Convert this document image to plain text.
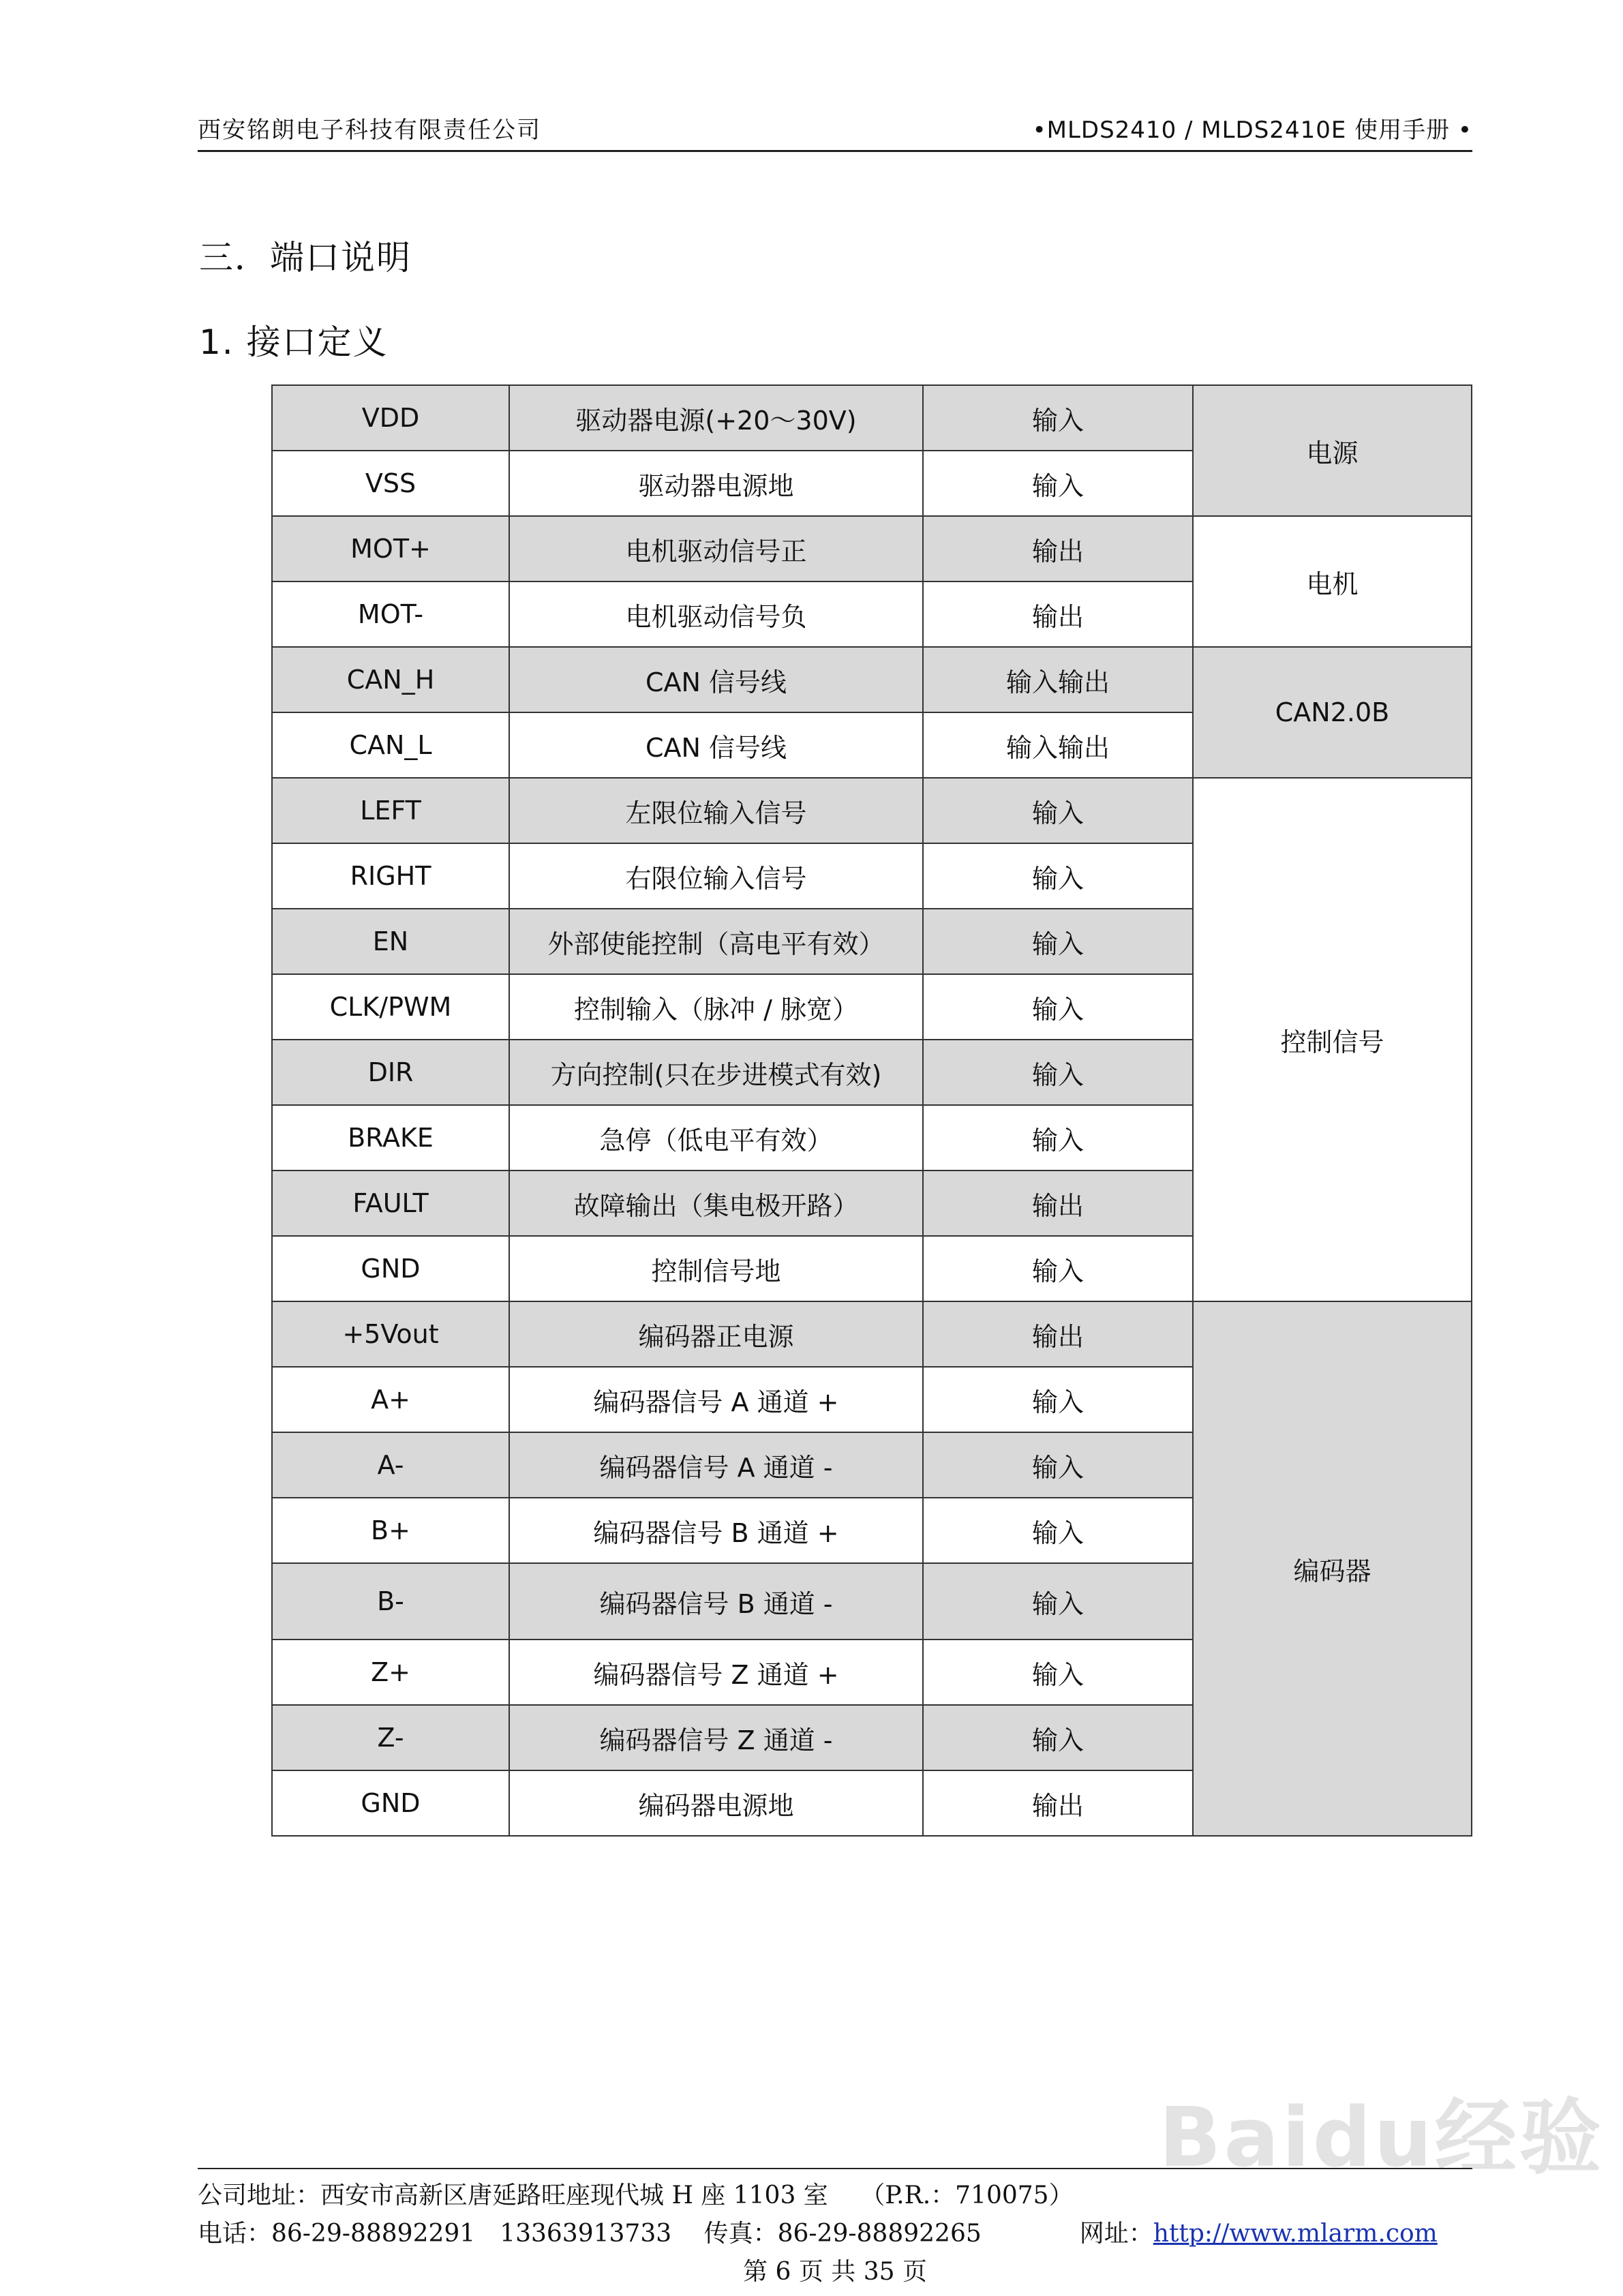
西安铭朗电子科技有限责任公司	•MLDS2410 / MLDS2410E 使用手册 •
三．端口说明
1. 接口定义
VDD	驱动器电源(+20～30V)	输入	电源
VSS	驱动器电源地	输入	
MOT+	电机驱动信号正	输出	电机
MOT-	电机驱动信号负	输出	
CAN_H	CAN 信号线	输入输出	CAN2.0B
CAN_L	CAN 信号线	输入输出	
LEFT	左限位输入信号	输入	控制信号
RIGHT	右限位输入信号	输入	
EN	外部使能控制（高电平有效）	输入	
CLK/PWM	控制输入（脉冲 / 脉宽）	输入	
DIR	方向控制(只在步进模式有效)	输入	
BRAKE	急停（低电平有效）	输入	
FAULT	故障输出（集电极开路）	输出	
GND	控制信号地	输入	
+5Vout	编码器正电源	输出	编码器
A+	编码器信号 A 通道 +	输入	
A-	编码器信号 A 通道 -	输入	
B+	编码器信号 B 通道 +	输入	
B-	编码器信号 B 通道 -	输入	
Z+	编码器信号 Z 通道 +	输入	
Z-	编码器信号 Z 通道 -	输入	
GND	编码器电源地	输出	
Baidu经验
公司地址：西安市高新区唐延路旺座现代城 H 座 1103 室　 （P.R.：710075）
电话：86-29-88892291　13363913733　 传真：86-29-88892265　　　　网址：http://www.mlarm.com
第 6 页 共 35 页
